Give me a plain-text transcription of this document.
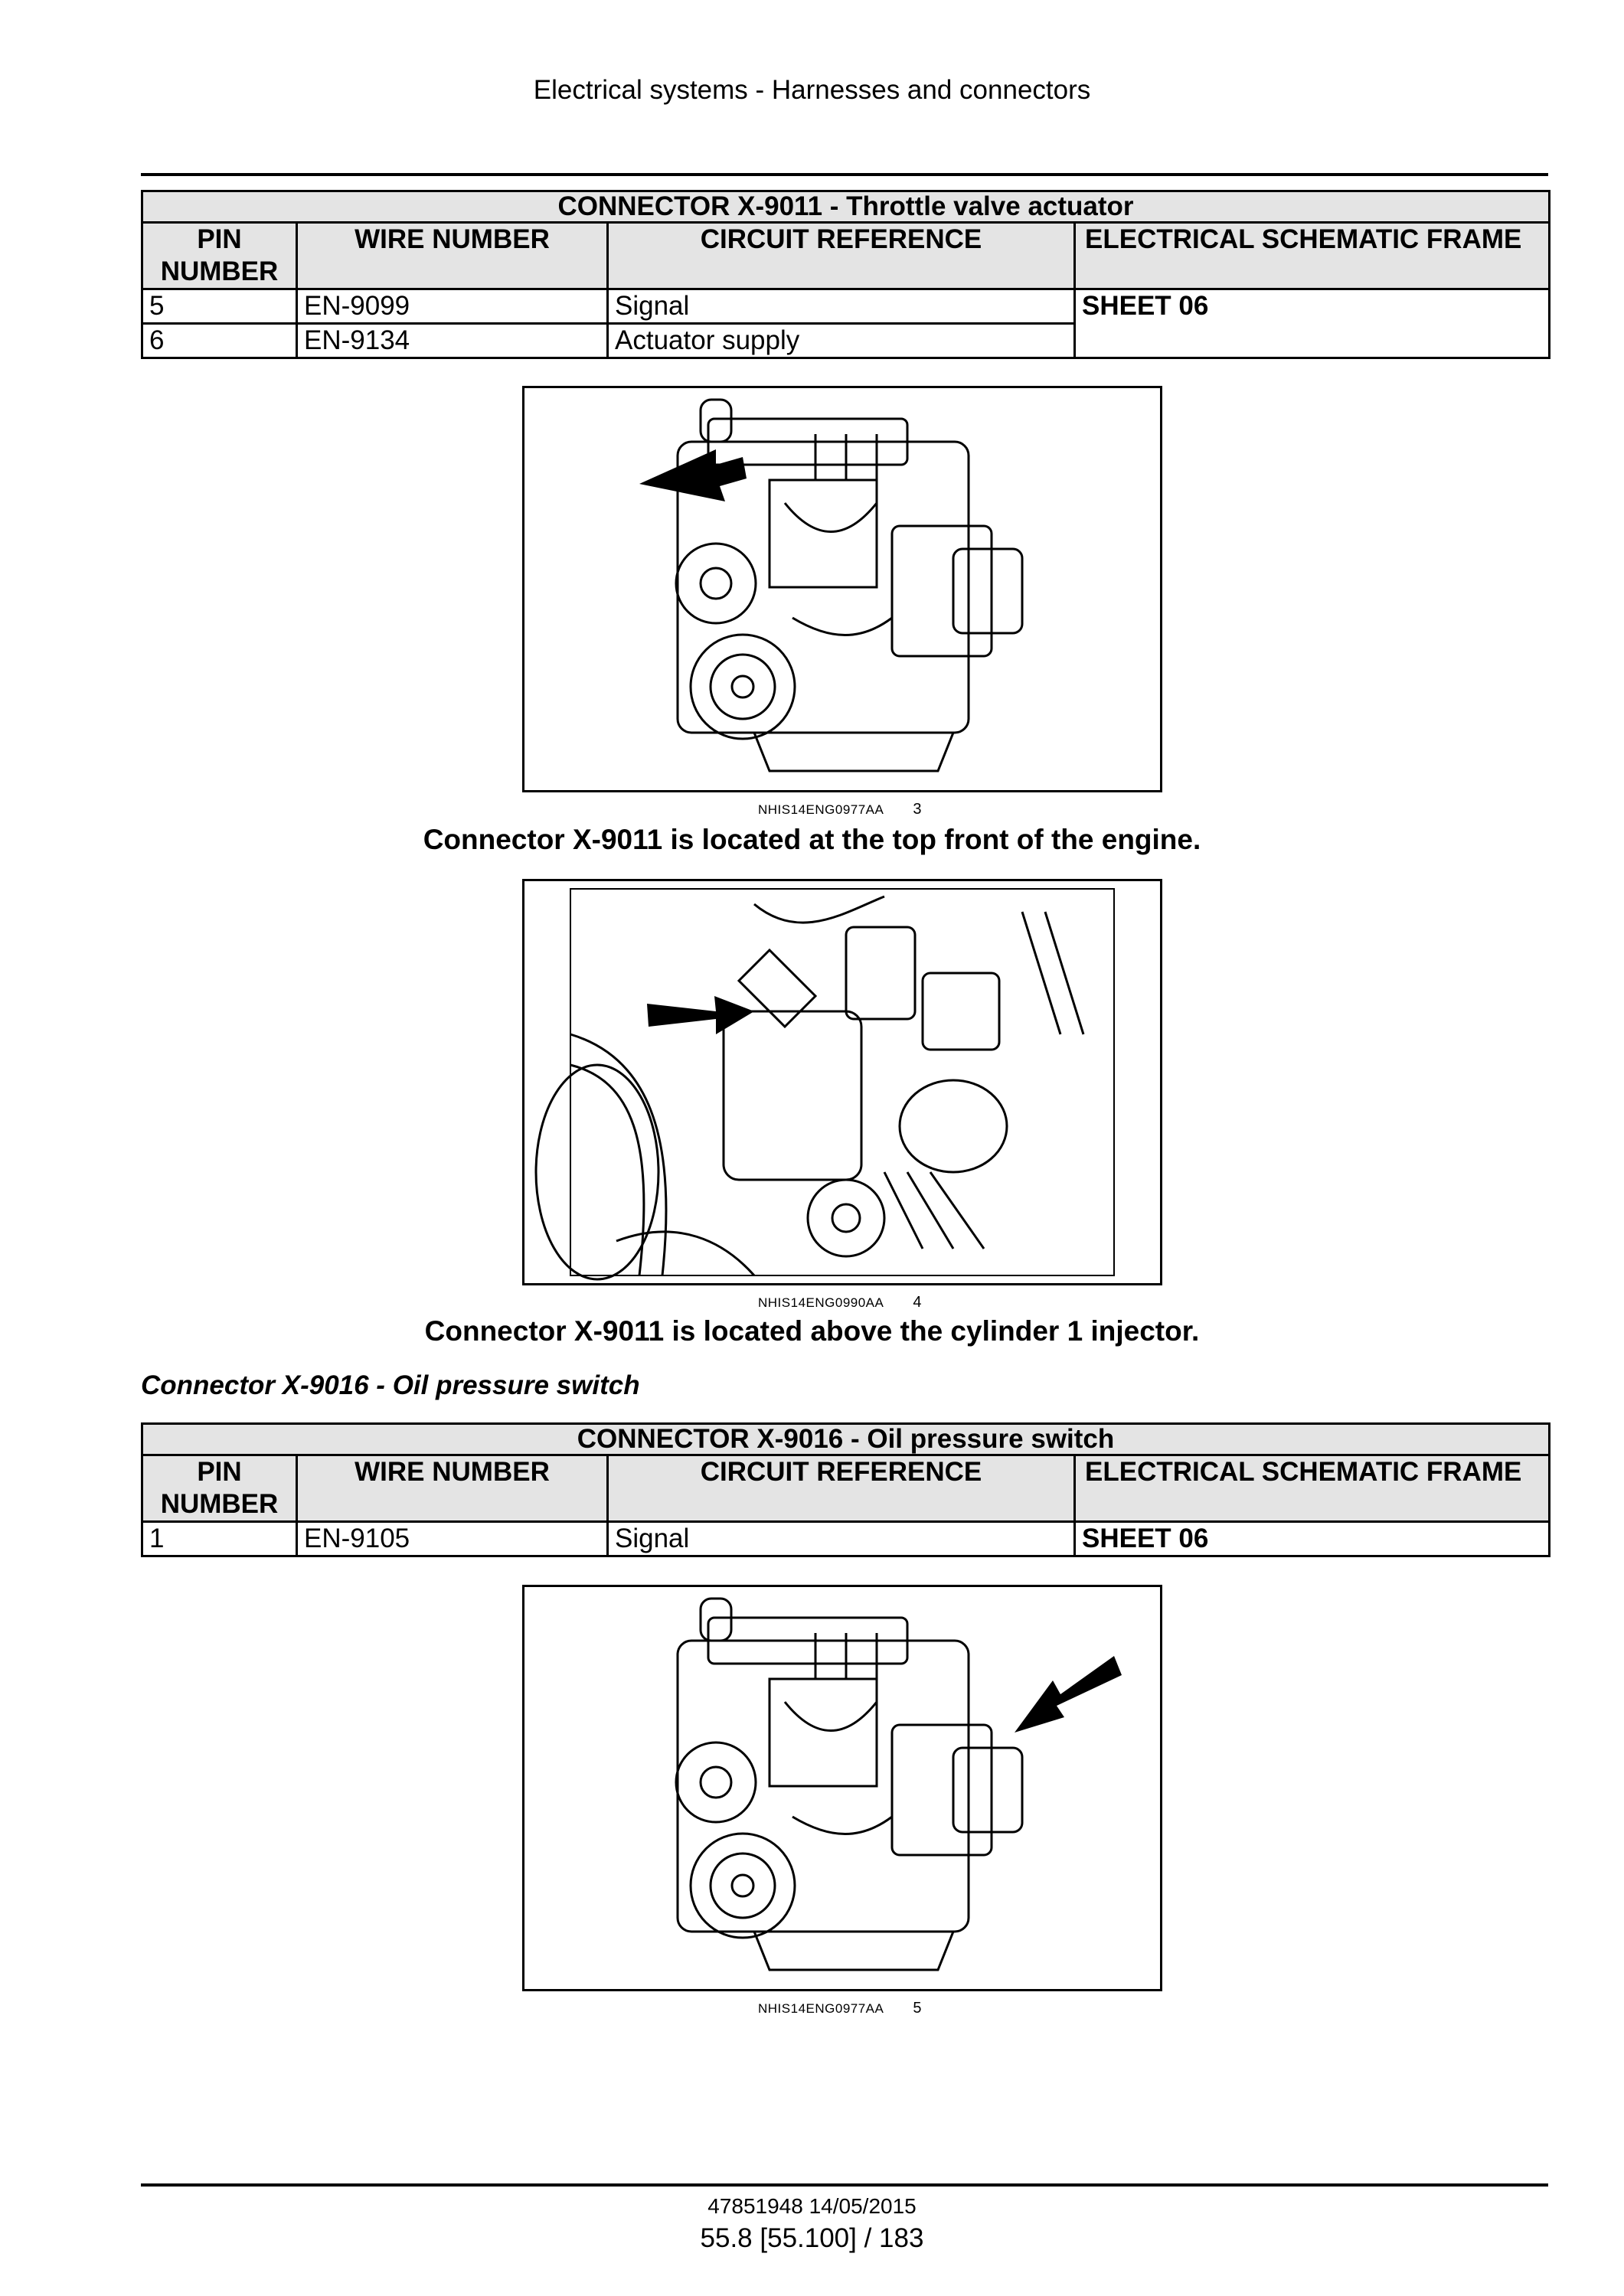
Electrical systems - Harnesses and connectors
CONNECTOR X-9011 - Throttle valve actuator			
PIN NUMBER	WIRE NUMBER	CIRCUIT REFERENCE	ELECTRICAL SCHEMATIC FRAME
5	EN-9099	Signal	SHEET 06
6	EN-9134	Actuator supply	
NHIS14ENG0977AA 3
Connector X-9011 is located at the top front of the engine.
NHIS14ENG0990AA 4
Connector X-9011 is located above the cylinder 1 injector.
Connector X-9016 - Oil pressure switch
CONNECTOR X-9016 - Oil pressure switch			
PIN NUMBER	WIRE NUMBER	CIRCUIT REFERENCE	ELECTRICAL SCHEMATIC FRAME
1	EN-9105	Signal	SHEET 06
NHIS14ENG0977AA 5
47851948 14/05/2015
55.8 [55.100] / 183
